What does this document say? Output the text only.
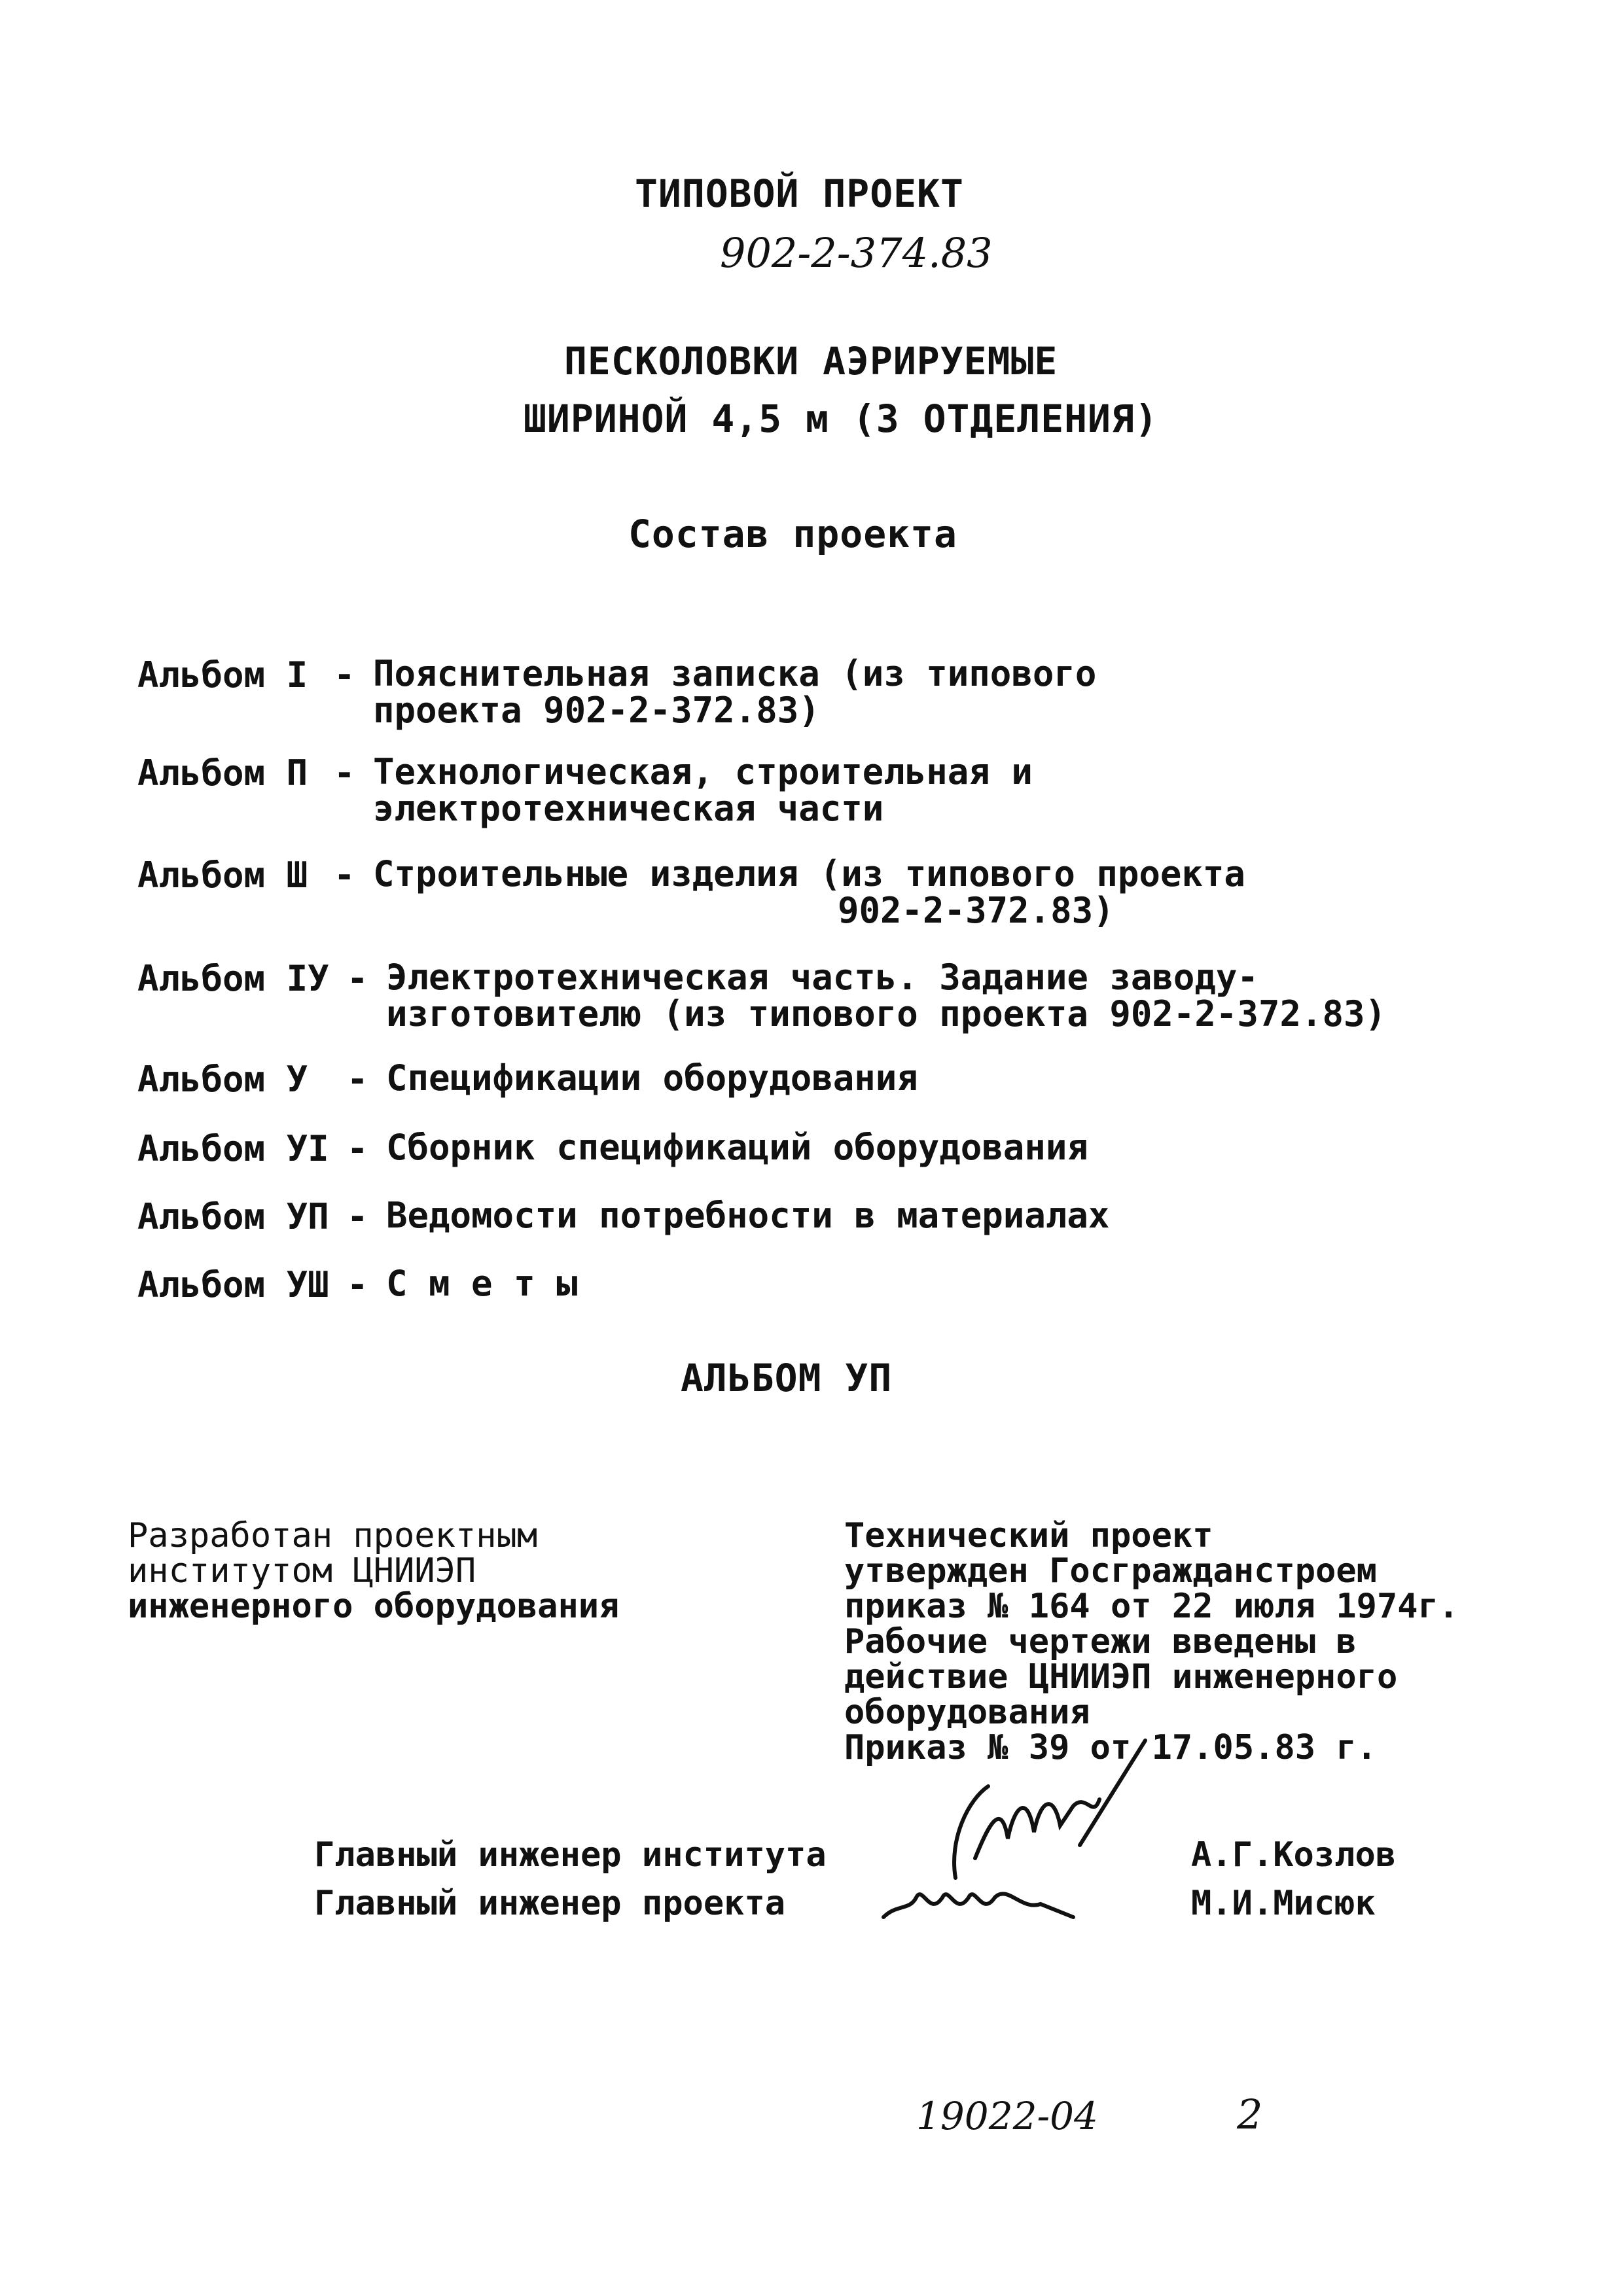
ТИПОВОЙ ПРОЕКТ
902-2-374.83
ПЕСКОЛОВКИ АЭРИРУЕМЫЕ
ШИРИНОЙ 4,5 м (3 ОТДЕЛЕНИЯ)
Состав проекта
Альбом I - Пояснительная записка (из типового
проекта 902-2-372.83)
Альбом П - Технологическая, строительная и
электротехническая части
Альбом Ш - Строительные изделия (из типового проекта
902-2-372.83)
Альбом IУ - Электротехническая часть. Задание заводу-
изготовителю (из типового проекта 902-2-372.83)
Альбом У - Спецификации оборудования
Альбом УI - Сборник спецификаций оборудования
Альбом УП - Ведомости потребности в материалах
Альбом УШ - С м е т ы
АЛЬБОМ УП
Разработан проектным
институтом ЦНИИЭП
инженерного оборудования
Технический проект
утвержден Госгражданстроем
приказ № 164 от 22 июля 1974г.
Рабочие чертежи введены в
действие ЦНИИЭП инженерного
оборудования
Приказ № 39 от 17.05.83 г.
Главный инженер института	А.Г.Козлов
Главный инженер проекта	М.И.Мисюк
19022-04	2
